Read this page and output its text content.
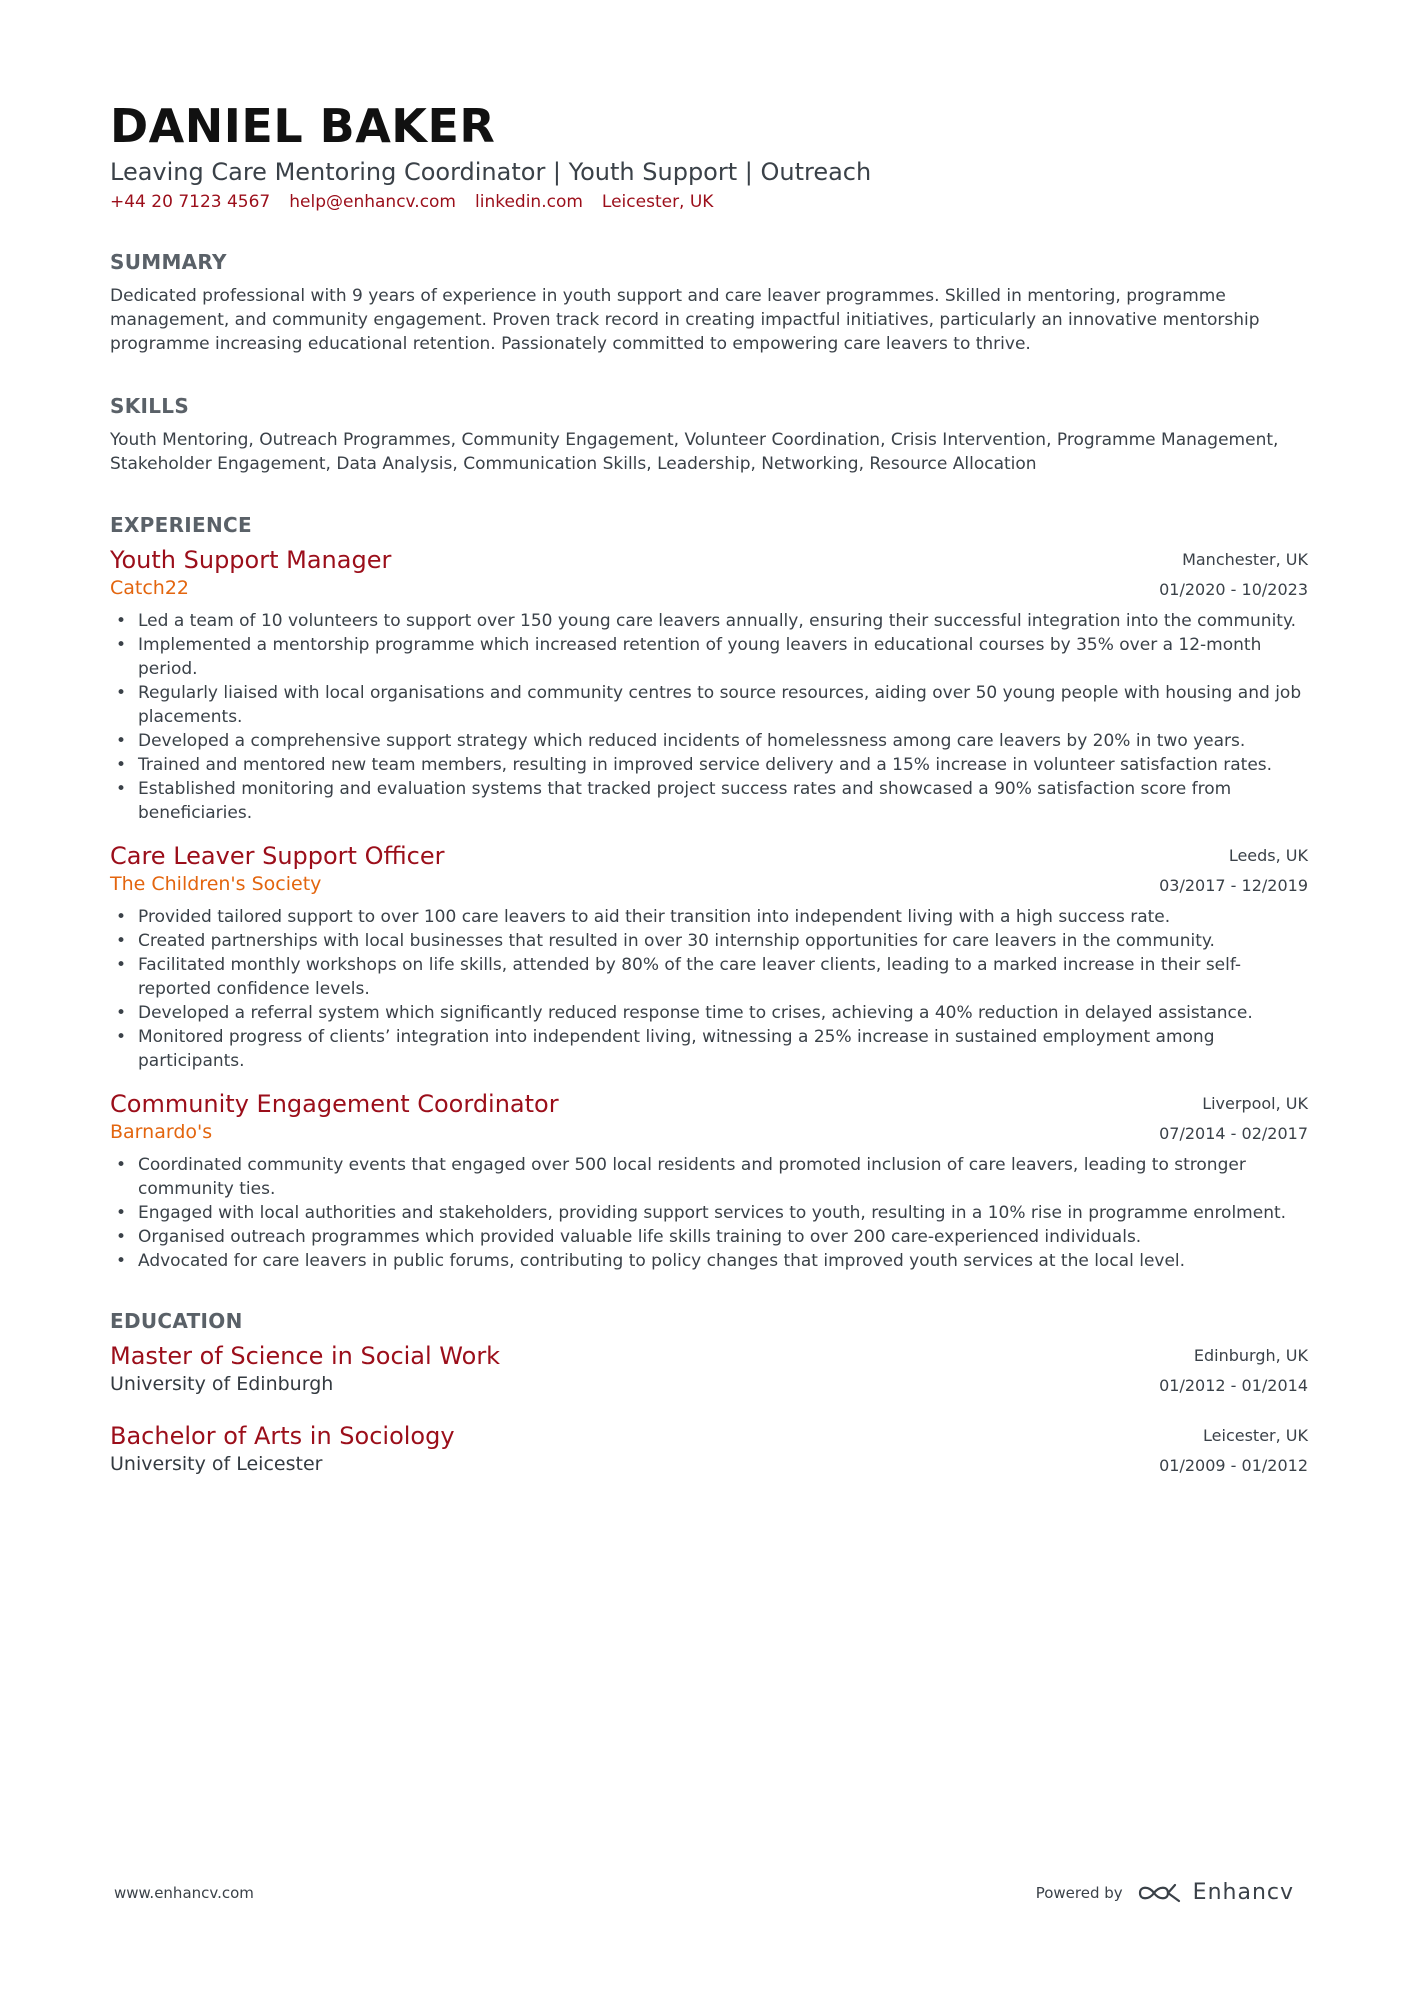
DANIEL BAKER
Leaving Care Mentoring Coordinator | Youth Support | Outreach
+44 20 7123 4567 help@enhancv.com linkedin.com Leicester, UK
SUMMARY
Dedicated professional with 9 years of experience in youth support and care leaver programmes. Skilled in mentoring, programme management, and community engagement. Proven track record in creating impactful initiatives, particularly an innovative mentorship programme increasing educational retention. Passionately committed to empowering care leavers to thrive.
SKILLS
Youth Mentoring, Outreach Programmes, Community Engagement, Volunteer Coordination, Crisis Intervention, Programme Management, Stakeholder Engagement, Data Analysis, Communication Skills, Leadership, Networking, Resource Allocation
EXPERIENCE
Youth Support Manager
Catch22
Manchester, UK
01/2020 - 10/2023
• Led a team of 10 volunteers to support over 150 young care leavers annually, ensuring their successful integration into the community.
• Implemented a mentorship programme which increased retention of young leavers in educational courses by 35% over a 12-month period.
• Regularly liaised with local organisations and community centres to source resources, aiding over 50 young people with housing and job placements.
• Developed a comprehensive support strategy which reduced incidents of homelessness among care leavers by 20% in two years.
• Trained and mentored new team members, resulting in improved service delivery and a 15% increase in volunteer satisfaction rates.
• Established monitoring and evaluation systems that tracked project success rates and showcased a 90% satisfaction score from beneficiaries.
Care Leaver Support Officer
The Children's Society
Leeds, UK
03/2017 - 12/2019
• Provided tailored support to over 100 care leavers to aid their transition into independent living with a high success rate.
• Created partnerships with local businesses that resulted in over 30 internship opportunities for care leavers in the community.
• Facilitated monthly workshops on life skills, attended by 80% of the care leaver clients, leading to a marked increase in their self-reported confidence levels.
• Developed a referral system which significantly reduced response time to crises, achieving a 40% reduction in delayed assistance.
• Monitored progress of clients’ integration into independent living, witnessing a 25% increase in sustained employment among participants.
Community Engagement Coordinator
Barnardo's
Liverpool, UK
07/2014 - 02/2017
• Coordinated community events that engaged over 500 local residents and promoted inclusion of care leavers, leading to stronger community ties.
• Engaged with local authorities and stakeholders, providing support services to youth, resulting in a 10% rise in programme enrolment.
• Organised outreach programmes which provided valuable life skills training to over 200 care-experienced individuals.
• Advocated for care leavers in public forums, contributing to policy changes that improved youth services at the local level.
EDUCATION
Master of Science in Social Work
University of Edinburgh
Edinburgh, UK
01/2012 - 01/2014
Bachelor of Arts in Sociology
University of Leicester
Leicester, UK
01/2009 - 01/2012
www.enhancv.com	Powered by	Enhancv
